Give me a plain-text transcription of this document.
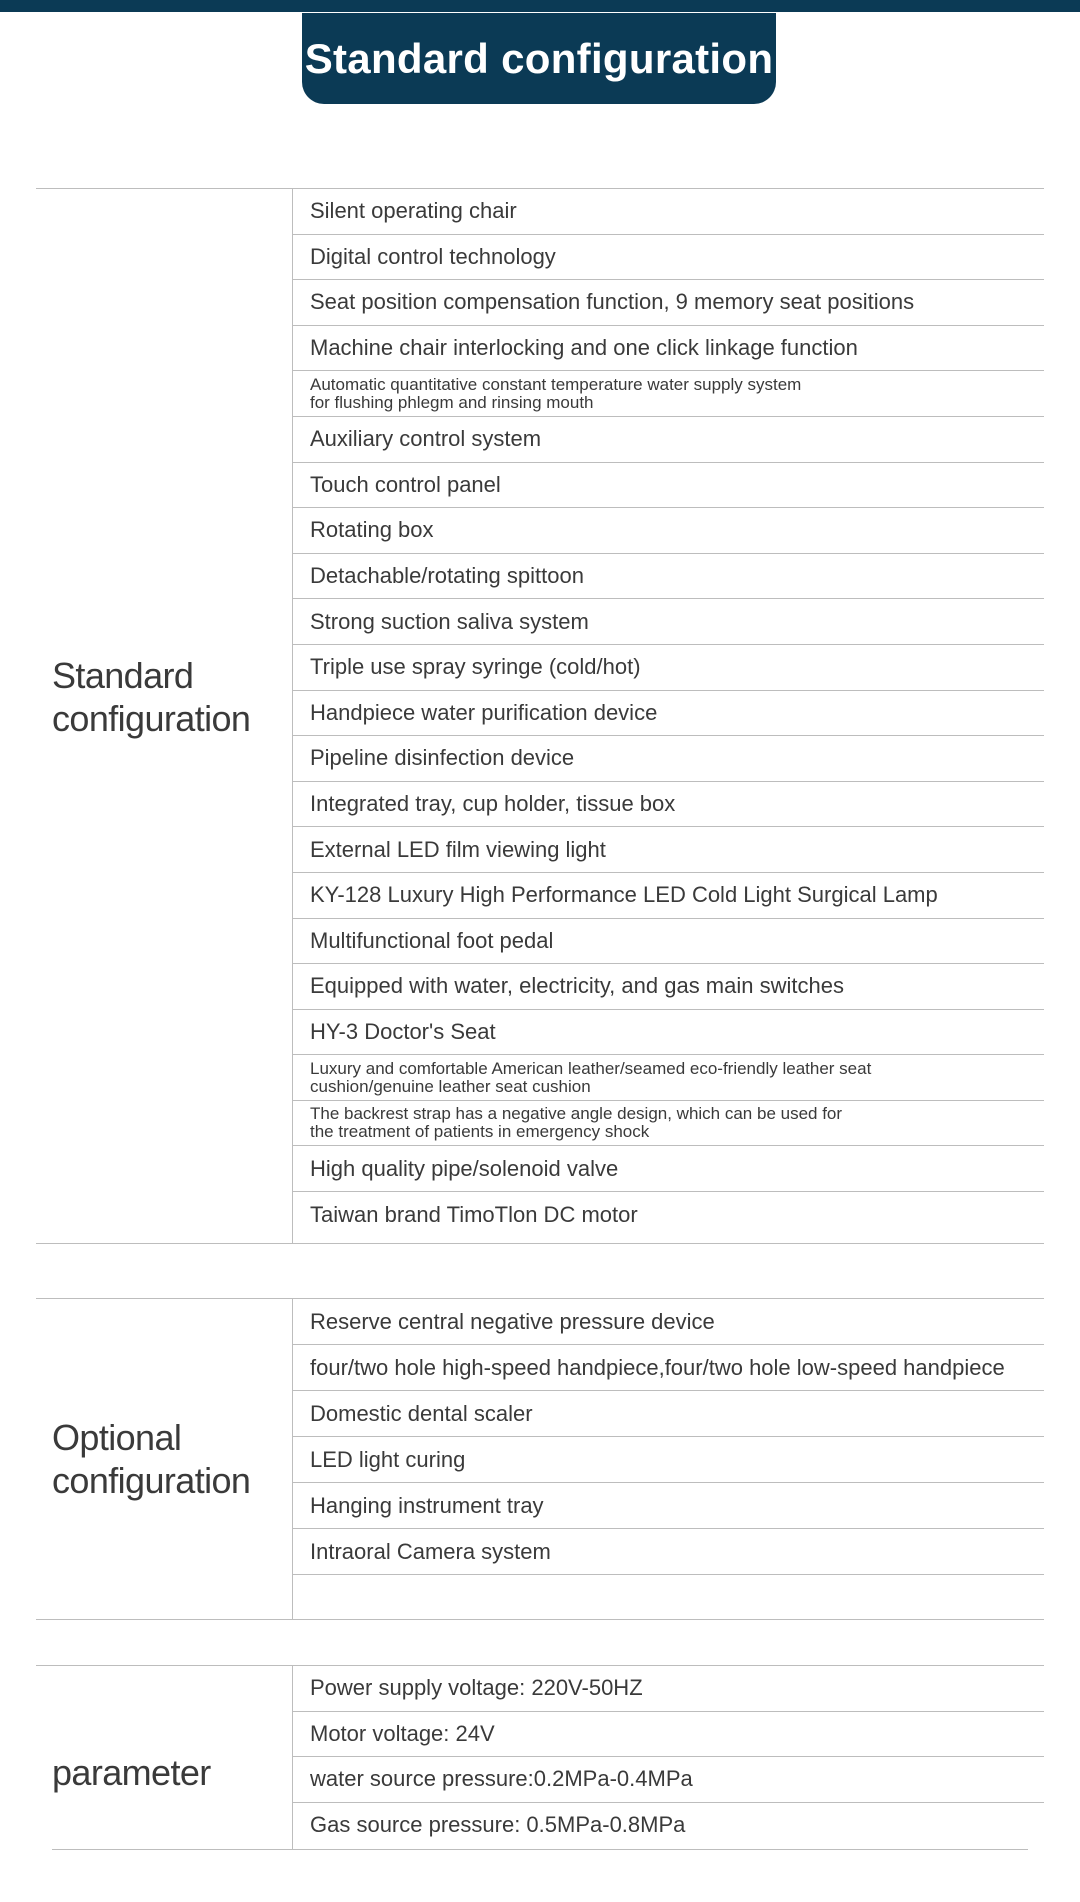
Standard configuration
Standard
configuration
Silent operating chair
Digital control technology
Seat position compensation function, 9 memory seat positions
Machine chair interlocking and one click linkage function
Automatic quantitative constant temperature water supply system
for flushing phlegm and rinsing mouth
Auxiliary control system
Touch control panel
Rotating box
Detachable/rotating spittoon
Strong suction saliva system
Triple use spray syringe (cold/hot)
Handpiece water purification device
Pipeline disinfection device
Integrated tray, cup holder, tissue box
External LED film viewing light
KY-128 Luxury High Performance LED Cold Light Surgical Lamp
Multifunctional foot pedal
Equipped with water, electricity, and gas main switches
HY-3 Doctor's Seat
Luxury and comfortable American leather/seamed eco-friendly leather seat
cushion/genuine leather seat cushion
The backrest strap has a negative angle design, which can be used for
the treatment of patients in emergency shock
High quality pipe/solenoid valve
Taiwan brand TimoTlon DC motor
Optional
configuration
Reserve central negative pressure device
four/two hole high-speed handpiece,four/two hole low-speed handpiece
Domestic dental scaler
LED light curing
Hanging instrument tray
Intraoral Camera system
parameter
Power supply voltage: 220V-50HZ
Motor voltage: 24V
water source pressure:0.2MPa-0.4MPa
Gas source pressure: 0.5MPa-0.8MPa
